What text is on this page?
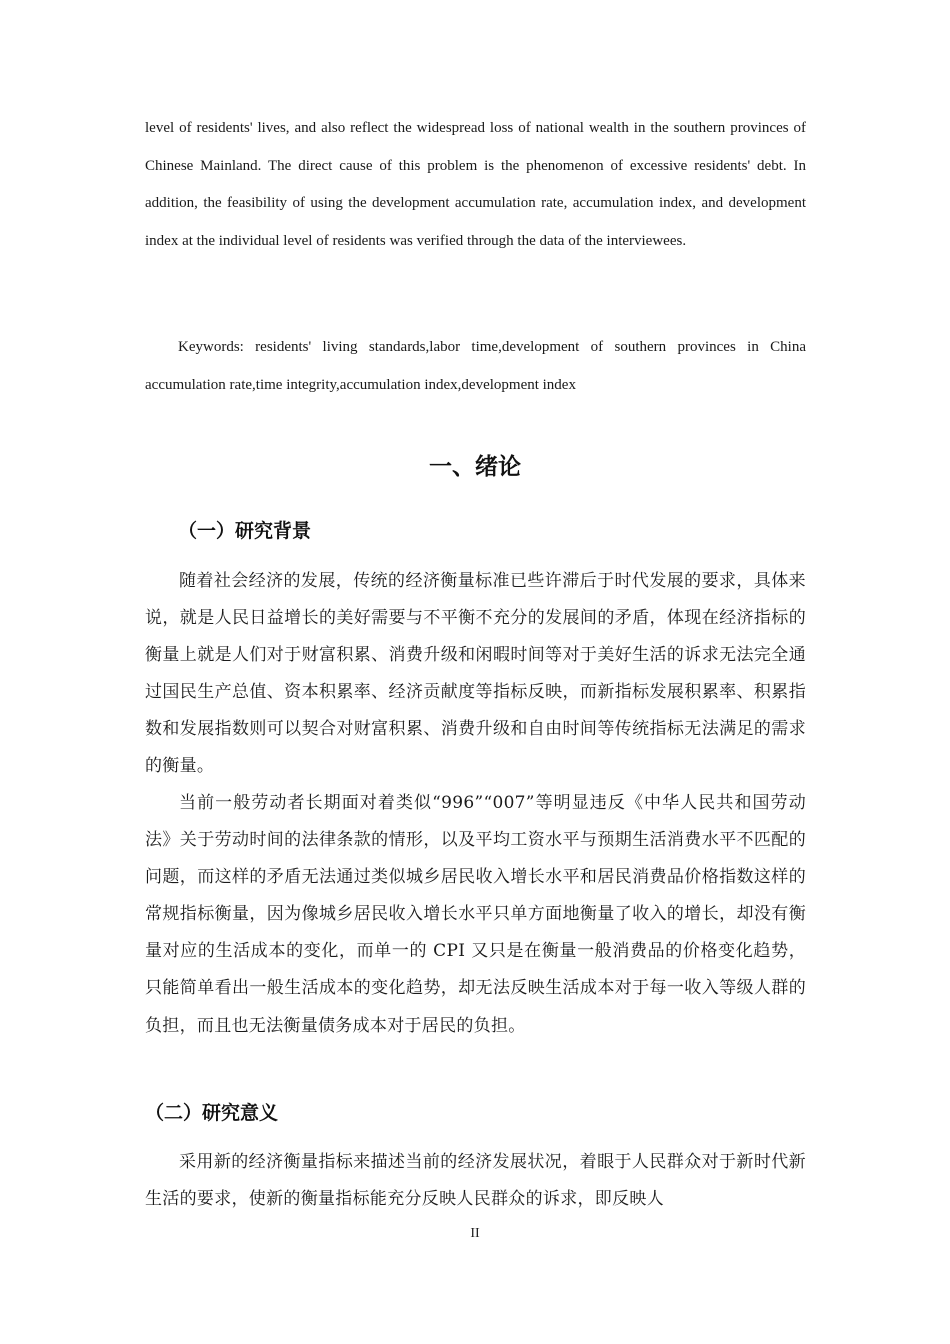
level of residents' lives, and also reflect the widespread loss of national wealth in the southern provinces of Chinese Mainland. The direct cause of this problem is the phenomenon of excessive residents' debt. In addition, the feasibility of using the development accumulation rate, accumulation index, and development index at the individual level of residents was verified through the data of the interviewees.

Keywords: residents' living standards,labor time,development of southern provinces in China accumulation rate,time integrity,accumulation index,development index

一、绪论
（一）研究背景

随着社会经济的发展，传统的经济衡量标准已些许滞后于时代发展的要求，具体来说，就是人民日益增长的美好需要与不平衡不充分的发展间的矛盾，体现在经济指标的衡量上就是人们对于财富积累、消费升级和闲暇时间等对于美好生活的诉求无法完全通过国民生产总值、资本积累率、经济贡献度等指标反映，而新指标发展积累率、积累指数和发展指数则可以契合对财富积累、消费升级和自由时间等传统指标无法满足的需求的衡量。

当前一般劳动者长期面对着类似“996”“007”等明显违反《中华人民共和国劳动法》关于劳动时间的法律条款的情形，以及平均工资水平与预期生活消费水平不匹配的问题，而这样的矛盾无法通过类似城乡居民收入增长水平和居民消费品价格指数这样的常规指标衡量，因为像城乡居民收入增长水平只单方面地衡量了收入的增长，却没有衡量对应的生活成本的变化，而单一的 CPI 又只是在衡量一般消费品的价格变化趋势，只能简单看出一般生活成本的变化趋势，却无法反映生活成本对于每一收入等级人群的负担，而且也无法衡量债务成本对于居民的负担。

（二）研究意义

采用新的经济衡量指标来描述当前的经济发展状况，着眼于人民群众对于新时代新生活的要求，使新的衡量指标能充分反映人民群众的诉求，即反映人

II
